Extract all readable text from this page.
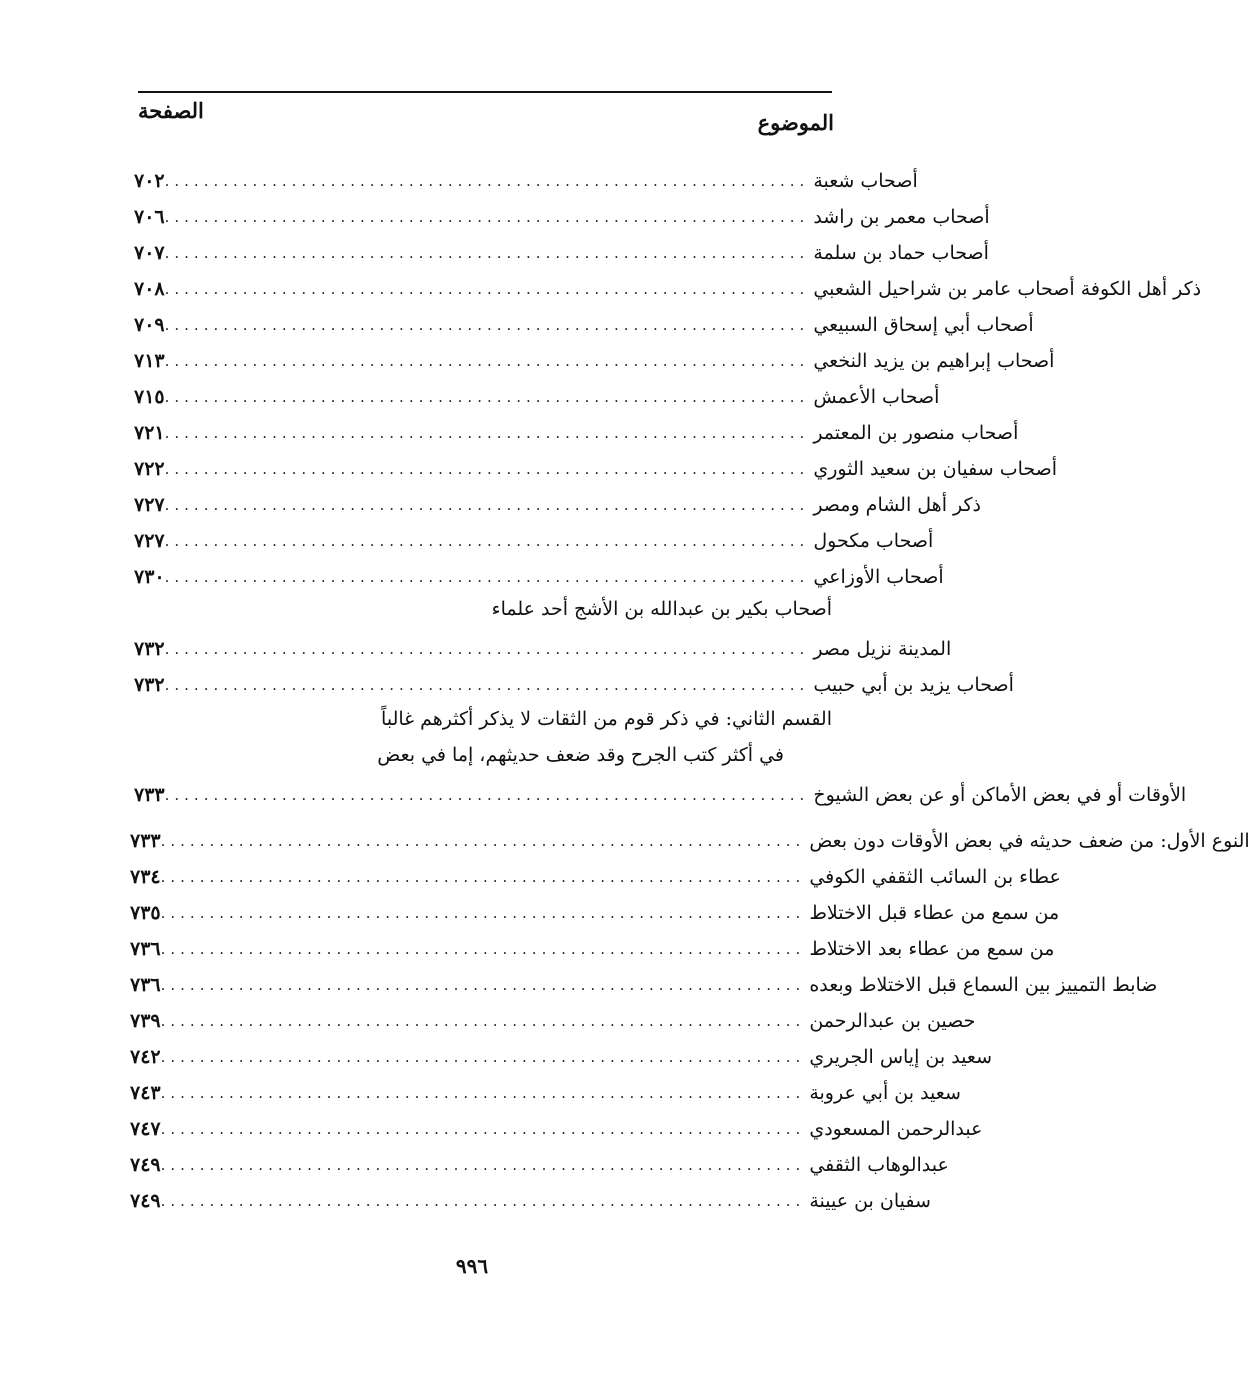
الموضوع
الصفحة
٧٠٢ .................................................................. أصحاب شعبة
٧٠٦ .................................................................. أصحاب معمر بن راشد
٧٠٧ .................................................................. أصحاب حماد بن سلمة
٧٠٨ .................................................................. ذكر أهل الكوفة أصحاب عامر بن شراحيل الشعبي
٧٠٩ .................................................................. أصحاب أبي إسحاق السبيعي
٧١٣ .................................................................. أصحاب إبراهيم بن يزيد النخعي
٧١٥ .................................................................. أصحاب الأعمش
٧٢١ .................................................................. أصحاب منصور بن المعتمر
٧٢٢ .................................................................. أصحاب سفيان بن سعيد الثوري
٧٢٧ .................................................................. ذكر أهل الشام ومصر
٧٢٧ .................................................................. أصحاب مكحول
٧٣٠ .................................................................. أصحاب الأوزاعي
أصحاب بكير بن عبدالله بن الأشج أحد علماء
٧٣٢ .................................................................. المدينة نزيل مصر
٧٣٢ .................................................................. أصحاب يزيد بن أبي حبيب
القسم الثاني: في ذكر قوم من الثقات لا يذكر أكثرهم غالباً
في أكثر كتب الجرح وقد ضعف حديثهم، إما في بعض
٧٣٣ .................................................................. الأوقات أو في بعض الأماكن أو عن بعض الشيوخ
٧٣٣ .................................................................. النوع الأول: من ضعف حديثه في بعض الأوقات دون بعض
٧٣٤ .................................................................. عطاء بن السائب الثقفي الكوفي
٧٣٥ .................................................................. من سمع من عطاء قبل الاختلاط
٧٣٦ .................................................................. من سمع من عطاء بعد الاختلاط
٧٣٦ .................................................................. ضابط التمييز بين السماع قبل الاختلاط وبعده
٧٣٩ .................................................................. حصين بن عبدالرحمن
٧٤٢ .................................................................. سعيد بن إياس الجريري
٧٤٣ .................................................................. سعيد بن أبي عروبة
٧٤٧ .................................................................. عبدالرحمن المسعودي
٧٤٩ .................................................................. عبدالوهاب الثقفي
٧٤٩ .................................................................. سفيان بن عيينة
٩٩٦
